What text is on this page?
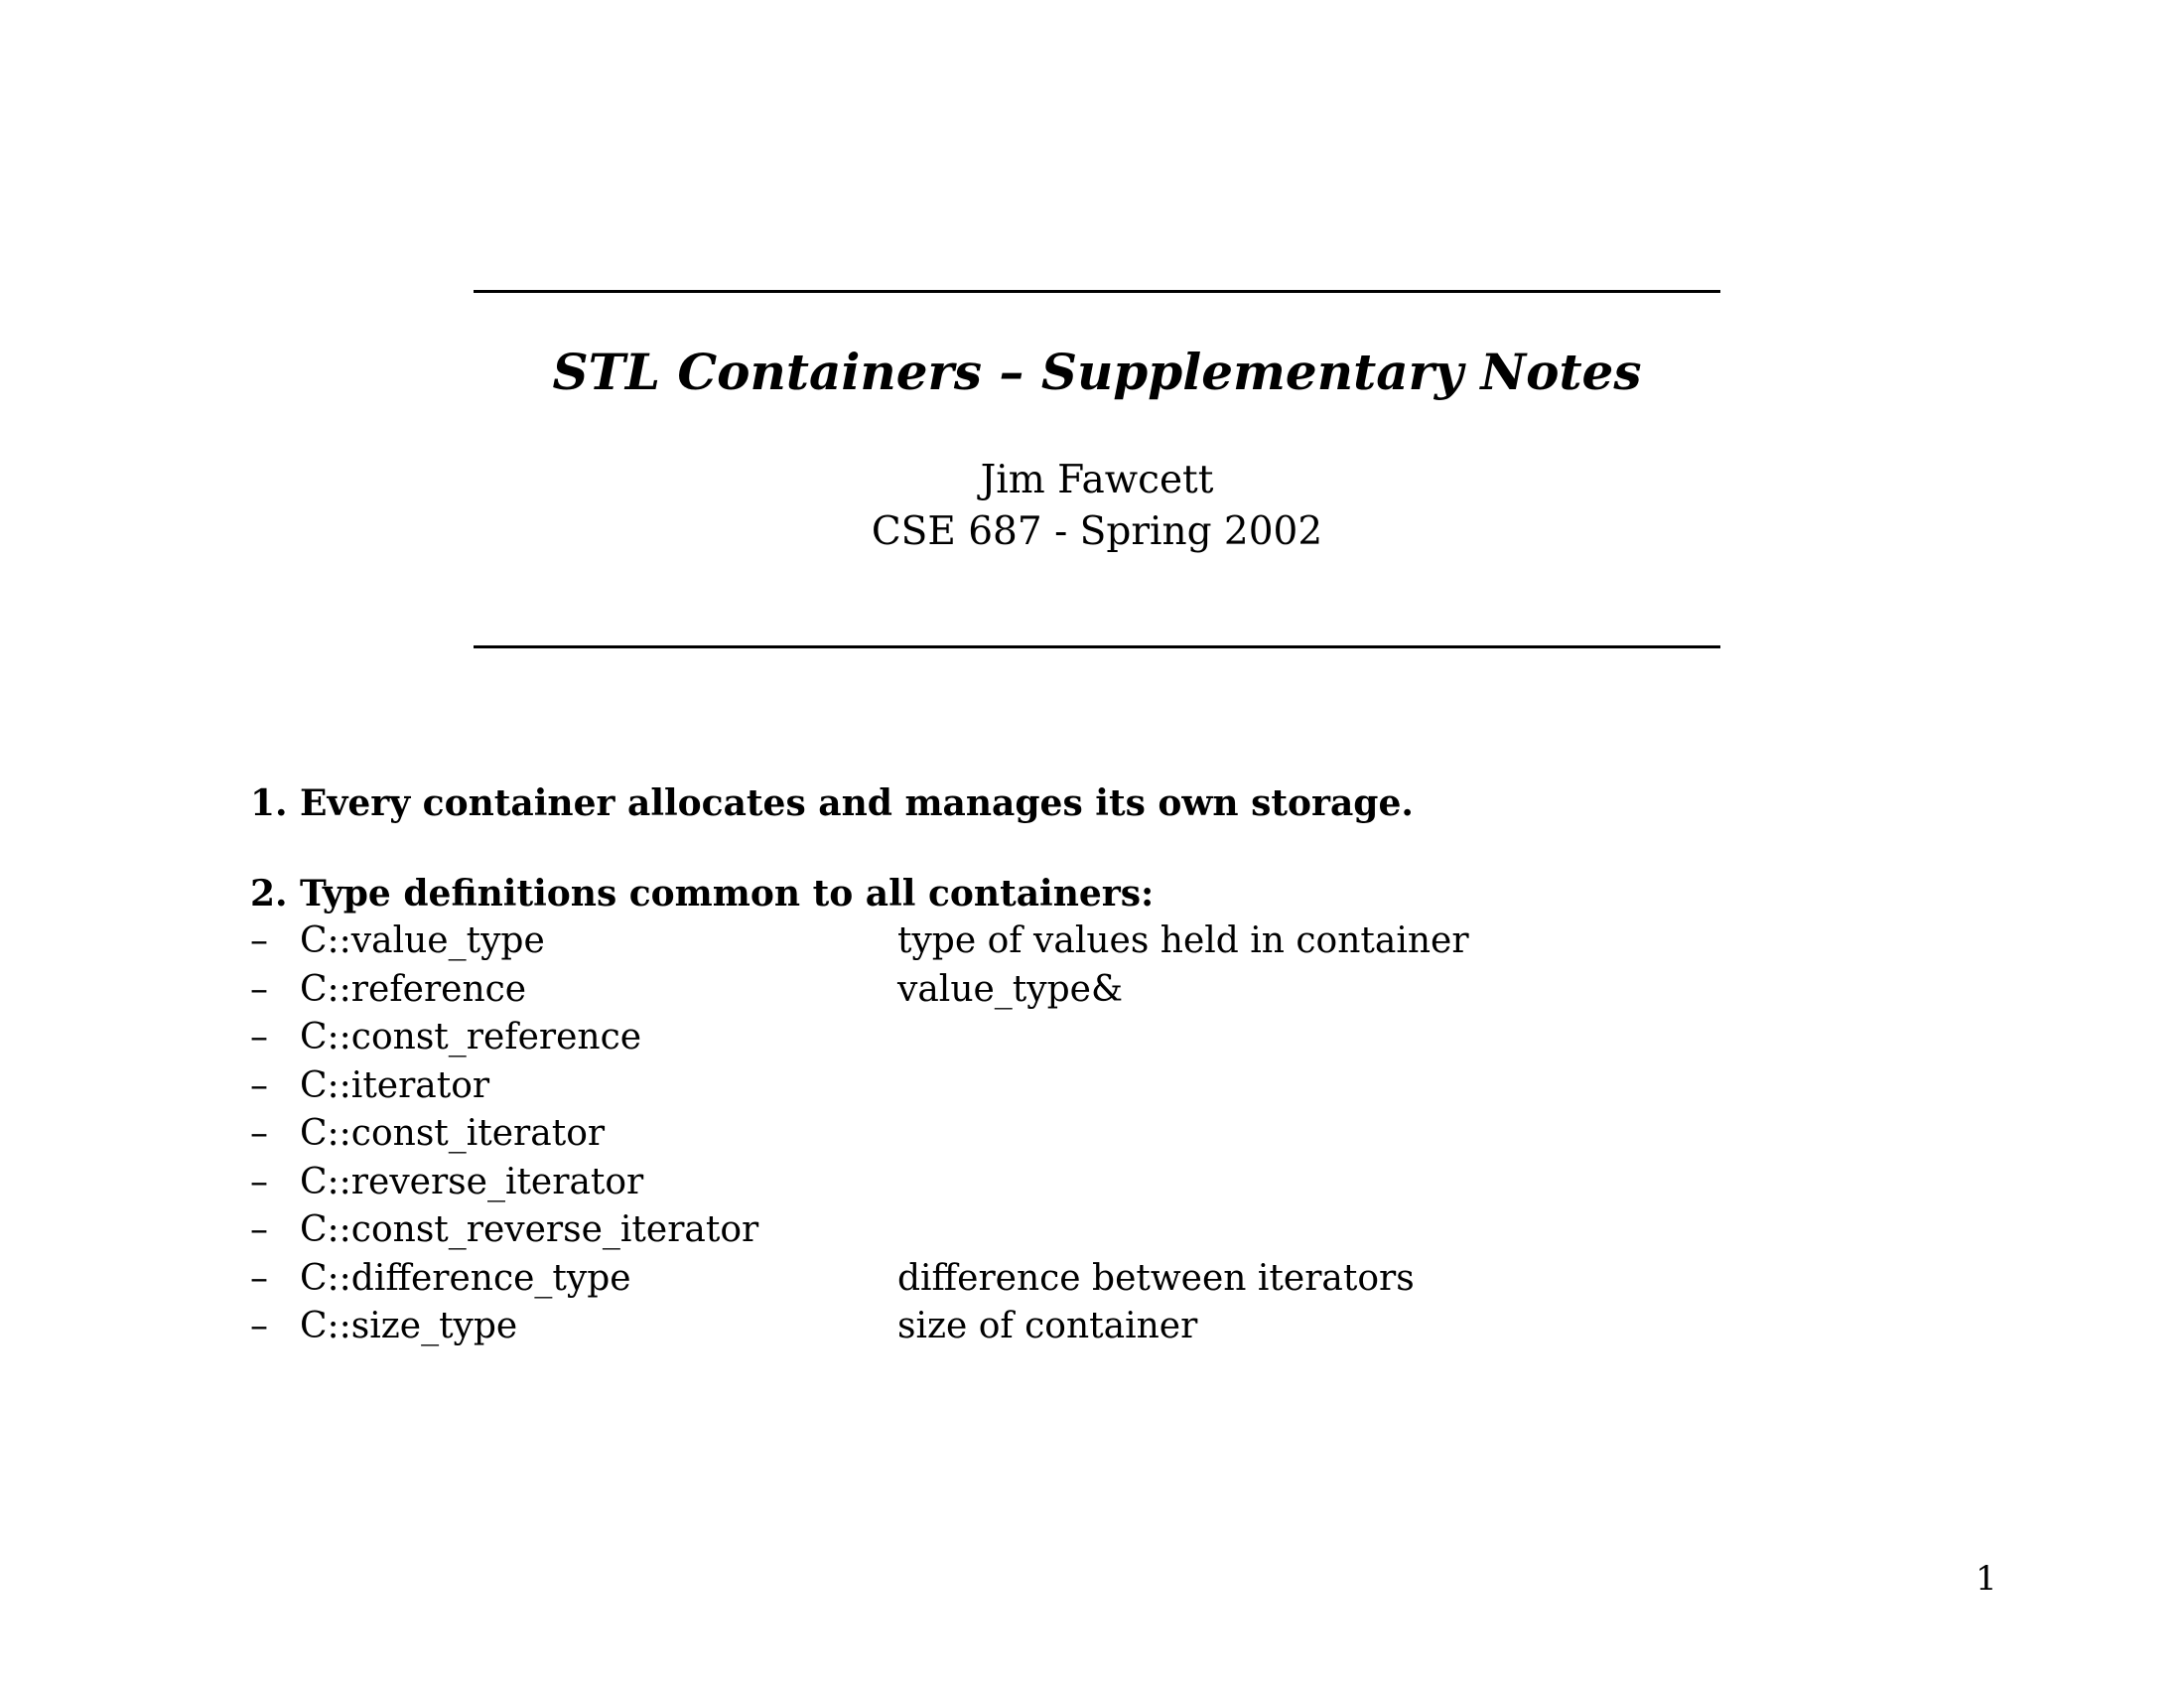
STL Containers – Supplementary Notes
Jim Fawcett
CSE 687 - Spring 2002
1. Every container allocates and manages its own storage.
2. Type definitions common to all containers:
– C::value_type	type of values held in container
– C::reference	value_type&
– C::const_reference
– C::iterator
– C::const_iterator
– C::reverse_iterator
– C::const_reverse_iterator
– C::difference_type	difference between iterators
– C::size_type	size of container
1
